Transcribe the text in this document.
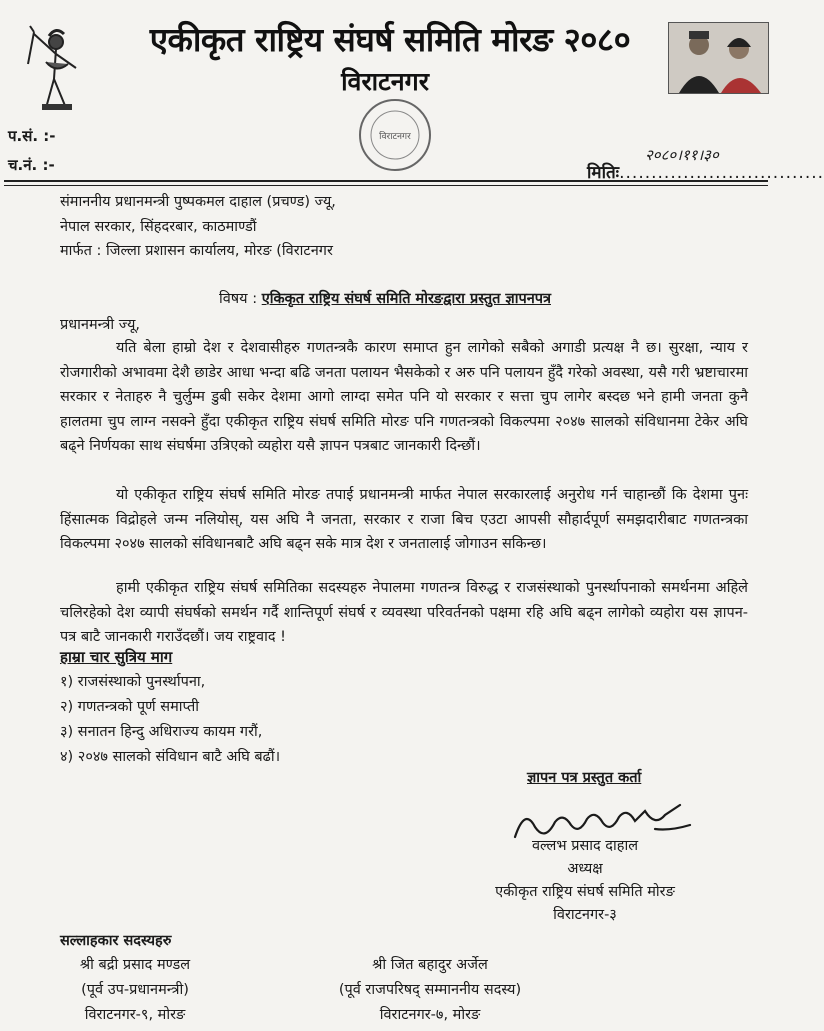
एकीकृत राष्ट्रिय संघर्ष समिति मोरङ २०८०
विराटनगर
विराटनगर
प.सं. :-
च.नं. :-
२०८०।११।३०
मितिः................................
संमाननीय प्रधानमन्त्री पुष्पकमल दाहाल (प्रचण्ड) ज्यू,
नेपाल सरकार, सिंहदरबार, काठमाण्डौं
मार्फत : जिल्ला प्रशासन कार्यालय, मोरङ (विराटनगर
विषय : एकिकृत राष्ट्रिय संघर्ष समिति मोरङद्वारा प्रस्तुत ज्ञापनपत्र
प्रधानमन्त्री ज्यू,
यति बेला हाम्रो देश र देशवासीहरु गणतन्त्रकै कारण समाप्त हुन लागेको सबैको अगाडी प्रत्यक्ष नै छ। सुरक्षा, न्याय र रोजगारीको अभावमा देशै छाडेर आधा भन्दा बढि जनता पलायन भैसकेको र अरु पनि पलायन हुँदै गरेको अवस्था, यसै गरी भ्रष्टाचारमा सरकार र नेताहरु नै चुर्लुम्म डुबी सकेर देशमा आगो लाग्दा समेत पनि यो सरकार र सत्ता चुप लागेर बस्दछ भने हामी जनता कुनै हालतमा चुप लाग्न नसक्ने हुँदा एकीकृत राष्ट्रिय संघर्ष समिति मोरङ पनि गणतन्त्रको विकल्पमा २०४७ सालको संविधानमा टेकेर अघि बढ्ने निर्णयका साथ संघर्षमा उत्रिएको व्यहोरा यसै ज्ञापन पत्रबाट जानकारी दिन्छौं।
यो एकीकृत राष्ट्रिय संघर्ष समिति मोरङ तपाई प्रधानमन्त्री मार्फत नेपाल सरकारलाई अनुरोध गर्न चाहान्छौं कि देशमा पुनः हिंसात्मक विद्रोहले जन्म नलियोस्, यस अघि नै जनता, सरकार र राजा बिच एउटा आपसी सौहार्दपूर्ण समझदारीबाट गणतन्त्रका विकल्पमा २०४७ सालको संविधानबाटै अघि बढ्न सके मात्र देश र जनतालाई जोगाउन सकिन्छ।
हामी एकीकृत राष्ट्रिय संघर्ष समितिका सदस्यहरु नेपालमा गणतन्त्र विरुद्ध र राजसंस्थाको पुनर्स्थापनाको समर्थनमा अहिले चलिरहेको देश व्यापी संघर्षको समर्थन गर्दै शान्तिपूर्ण संघर्ष र व्यवस्था परिवर्तनको पक्षमा रहि अघि बढ्न लागेको व्यहोरा यस ज्ञापन-पत्र बाटै जानकारी गराउँदछौं। जय राष्ट्रवाद !
हाम्रा चार सुत्रिय माग
१) राजसंस्थाको पुनर्स्थापना,
२) गणतन्त्रको पूर्ण समाप्ती
३) सनातन हिन्दु अधिराज्य कायम गरौं,
४) २०४७ सालको संविधान बाटै अघि बढौं।
ज्ञापन पत्र प्रस्तुत कर्ता
वल्लभ प्रसाद दाहाल
अध्यक्ष
एकीकृत राष्ट्रिय संघर्ष समिति मोरङ
विराटनगर-३
सल्लाहकार सदस्यहरु
श्री बद्री प्रसाद मण्डल
(पूर्व उप-प्रधानमन्त्री)
विराटनगर-९, मोरङ
श्री जित बहादुर अर्जेल
(पूर्व राजपरिषद् सम्माननीय सदस्य)
विराटनगर-७, मोरङ
